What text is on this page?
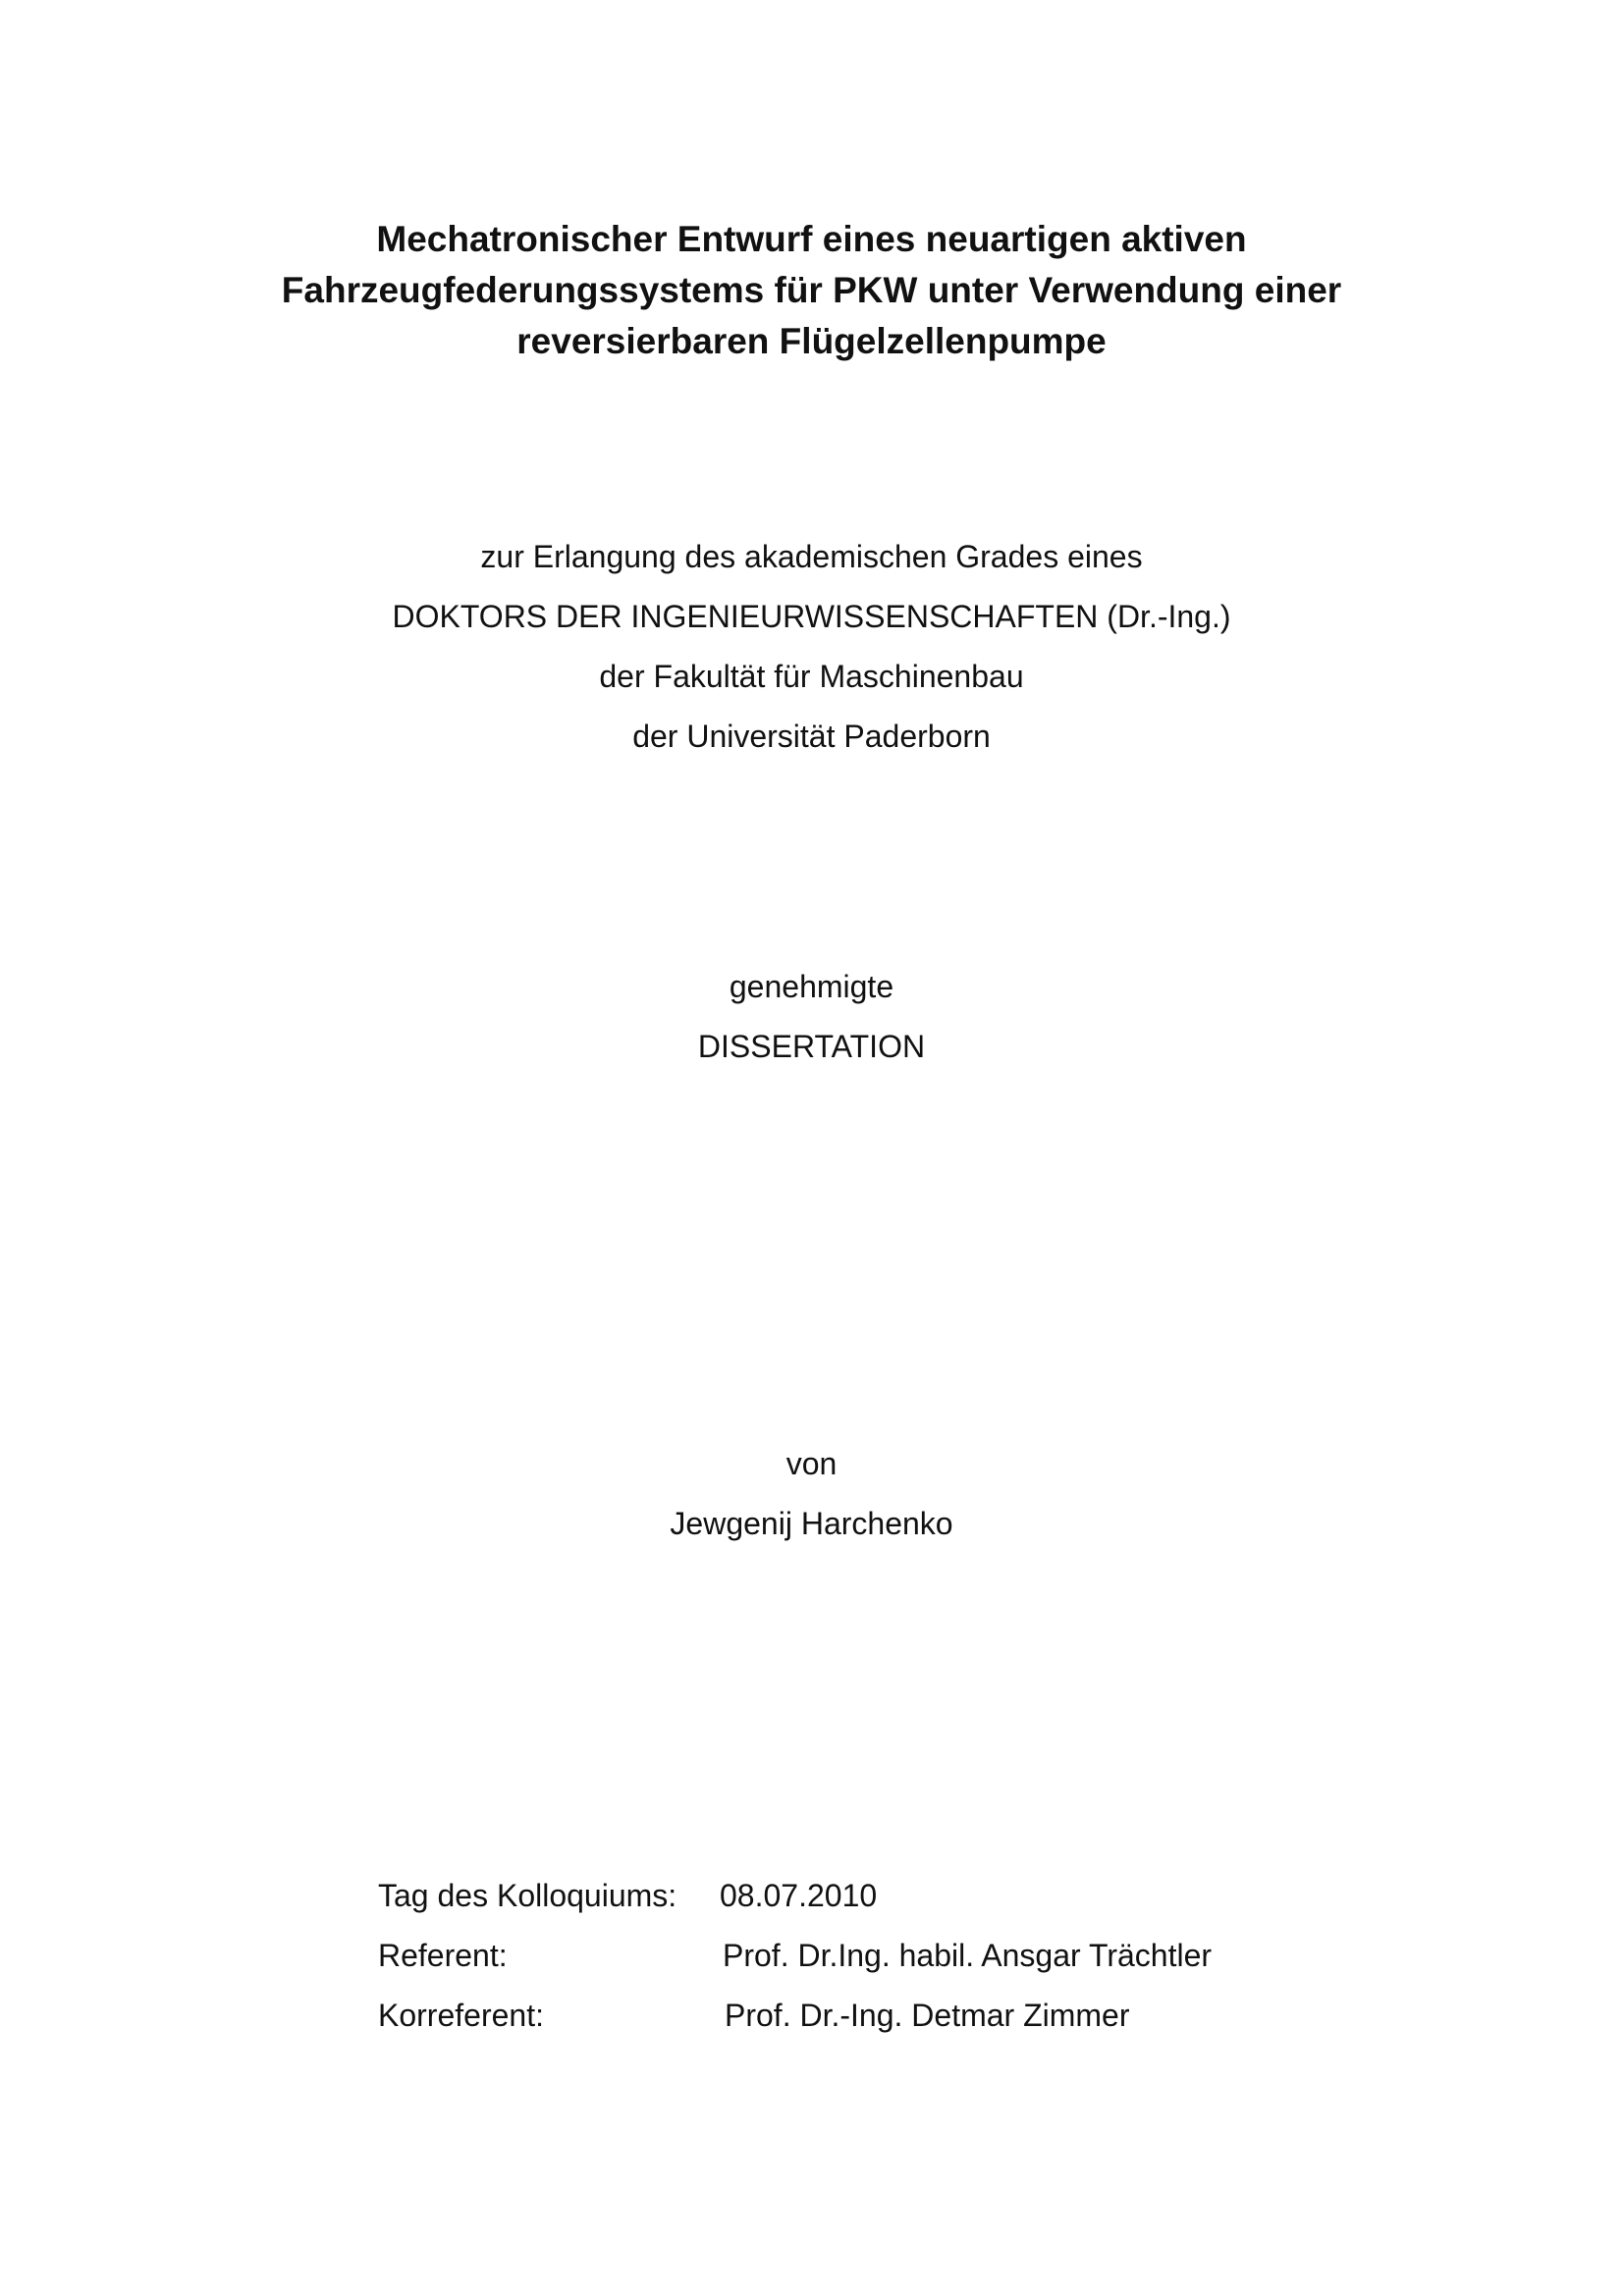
Mechatronischer Entwurf eines neuartigen aktiven
Fahrzeugfederungssystems für PKW unter Verwendung einer
reversierbaren Flügelzellenpumpe
zur Erlangung des akademischen Grades eines
DOKTORS DER INGENIEURWISSENSCHAFTEN (Dr.-Ing.)
der Fakultät für Maschinenbau
der Universität Paderborn
genehmigte
DISSERTATION
von
Jewgenij Harchenko
Tag des Kolloquiums: 08.07.2010
Referent:	Prof. Dr.Ing. habil. Ansgar Trächtler
Korreferent:	Prof. Dr.-Ing. Detmar Zimmer
